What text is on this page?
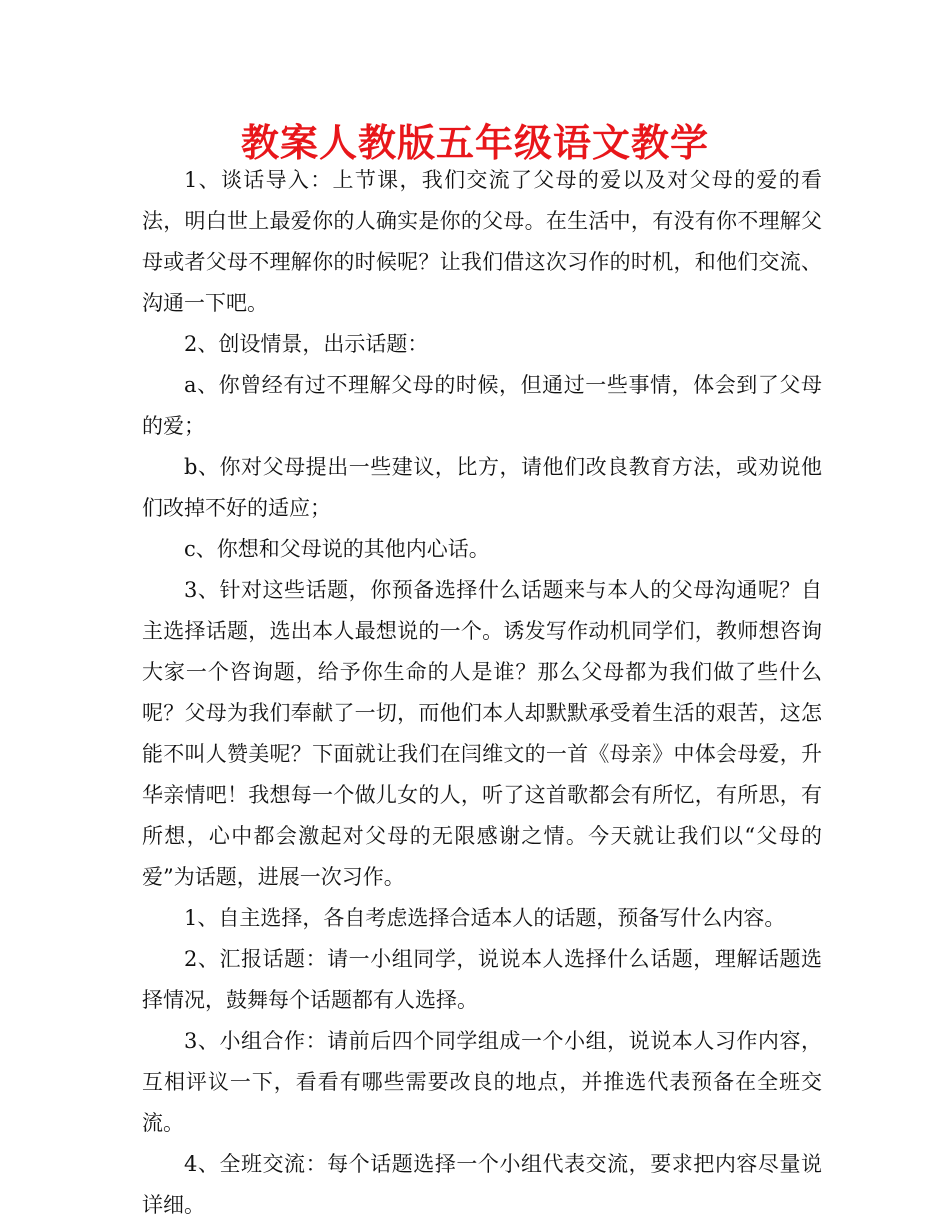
教案人教版五年级语文教学

1、谈话导入：上节课，我们交流了父母的爱以及对父母的爱的看法，明白世上最爱你的人确实是你的父母。在生活中，有没有你不理解父母或者父母不理解你的时候呢？让我们借这次习作的时机，和他们交流、沟通一下吧。

2、创设情景，出示话题：

a、你曾经有过不理解父母的时候，但通过一些事情，体会到了父母的爱；

b、你对父母提出一些建议，比方，请他们改良教育方法，或劝说他们改掉不好的适应；

c、你想和父母说的其他内心话。

3、针对这些话题，你预备选择什么话题来与本人的父母沟通呢？自主选择话题，选出本人最想说的一个。诱发写作动机同学们，教师想咨询大家一个咨询题，给予你生命的人是谁？那么父母都为我们做了些什么呢？父母为我们奉献了一切，而他们本人却默默承受着生活的艰苦，这怎能不叫人赞美呢？下面就让我们在闫维文的一首《母亲》中体会母爱，升华亲情吧！我想每一个做儿女的人，听了这首歌都会有所忆，有所思，有所想，心中都会激起对父母的无限感谢之情。今天就让我们以“父母的爱”为话题，进展一次习作。

1、自主选择，各自考虑选择合适本人的话题，预备写什么内容。

2、汇报话题：请一小组同学，说说本人选择什么话题，理解话题选择情况，鼓舞每个话题都有人选择。

3、小组合作：请前后四个同学组成一个小组，说说本人习作内容，互相评议一下，看看有哪些需要改良的地点，并推选代表预备在全班交流。

4、全班交流：每个话题选择一个小组代表交流，要求把内容尽量说详细。
